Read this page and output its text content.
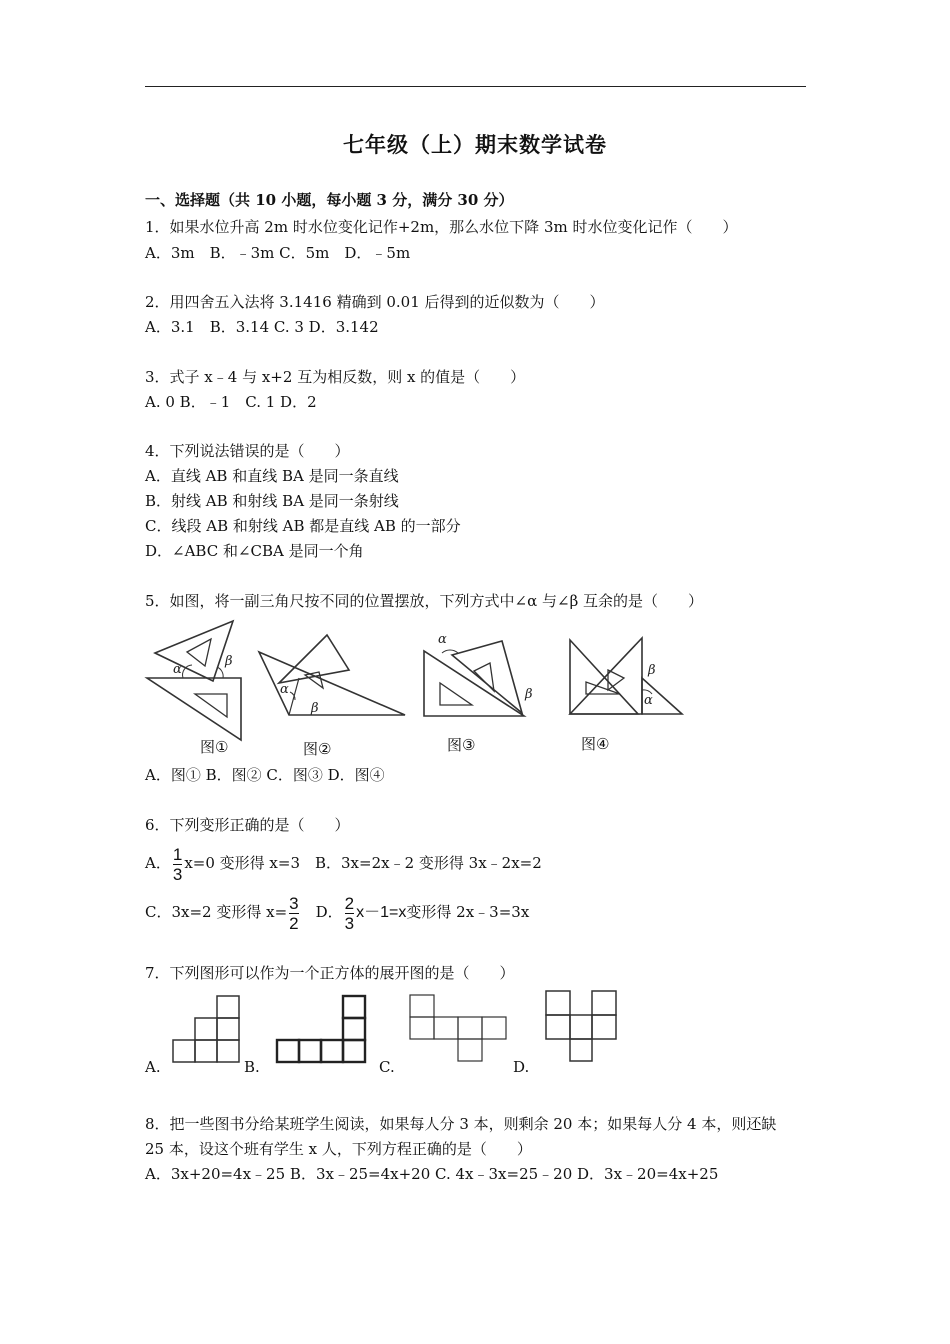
七年级（上）期末数学试卷
一、选择题（共 10 小题，每小题 3 分，满分 30 分）
1．如果水位升高 2m 时水位变化记作+2m，那么水位下降 3m 时水位变化记作（　　）
A．3m　B．﹣3m C．5m　D．﹣5m
2．用四舍五入法将 3.1416 精确到 0.01 后得到的近似数为（　　）
A．3.1　B．3.14 C. 3 D．3.142
3．式子 x﹣4 与 x+2 互为相反数，则 x 的值是（　　）
A. 0 B．﹣1　C. 1 D．2
4．下列说法错误的是（　　）
A．直线 AB 和直线 BA 是同一条直线
B．射线 AB 和射线 BA 是同一条射线
C．线段 AB 和射线 AB 都是直线 AB 的一部分
D．∠ABC 和∠CBA 是同一个角
5．如图，将一副三角尺按不同的位置摆放，下列方式中∠α 与∠β 互余的是（　　）
α
β
图①
α
β
图②
α
β
图③
β
α
图④
A．图① B．图② C．图③ D．图④
6．下列变形正确的是（　　）
A． $\frac{1}{3} x=0$ 变形得 x=3　B．3x=2x﹣2 变形得 3x﹣2x=2
C．3x=2 变形得 $x= \frac{3}{2}$
　 D． $\frac{2}{3} x-1=x$变形得 2x﹣3=3x
7．下列图形可以作为一个正方体的展开图的是（　　）
A.	B.	C.	D.
8．把一些图书分给某班学生阅读，如果每人分 3 本，则剩余 20 本；如果每人分 4 本，则还缺
25 本，设这个班有学生 x 人，下列方程正确的是（　　）
A．3x+20=4x﹣25 B．3x﹣25=4x+20 C. 4x﹣3x=25﹣20 D．3x﹣20=4x+25
